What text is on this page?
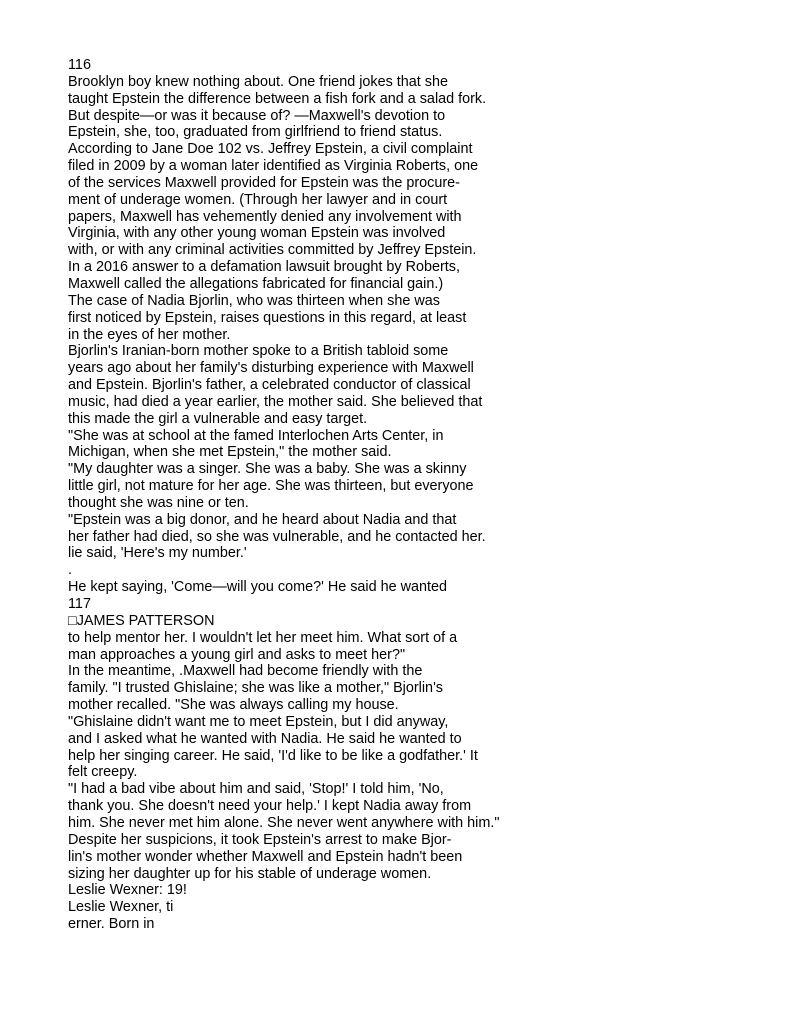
116
Brooklyn boy knew nothing about. One friend jokes that she
taught Epstein the difference between a fish fork and a salad fork.
But despite—or was it because of? —Maxwell's devotion to
Epstein, she, too, graduated from girlfriend to friend status.
According to Jane Doe 102 vs. Jeffrey Epstein, a civil complaint
filed in 2009 by a woman later identified as Virginia Roberts, one
of the services Maxwell provided for Epstein was the procure-
ment of underage women. (Through her lawyer and in court
papers, Maxwell has vehemently denied any involvement with
Virginia, with any other young woman Epstein was involved
with, or with any criminal activities committed by Jeffrey Epstein.
In a 2016 answer to a defamation lawsuit brought by Roberts,
Maxwell called the allegations fabricated for financial gain.)
The case of Nadia Bjorlin, who was thirteen when she was
first noticed by Epstein, raises questions in this regard, at least
in the eyes of her mother.
Bjorlin's Iranian-born mother spoke to a British tabloid some
years ago about her family's disturbing experience with Maxwell
and Epstein. Bjorlin's father, a celebrated conductor of classical
music, had died a year earlier, the mother said. She believed that
this made the girl a vulnerable and easy target.
"She was at school at the famed Interlochen Arts Center, in
Michigan, when she met Epstein," the mother said.
"My daughter was a singer. She was a baby. She was a skinny
little girl, not mature for her age. She was thirteen, but everyone
thought she was nine or ten.
"Epstein was a big donor, and he heard about Nadia and that
her father had died, so she was vulnerable, and he contacted her.
lie said, 'Here's my number.'
.
He kept saying, 'Come—will you come?' He said he wanted
117
□JAMES PATTERSON
to help mentor her. I wouldn't let her meet him. What sort of a
man approaches a young girl and asks to meet her?"
In the meantime, .Maxwell had become friendly with the
family. "I trusted Ghislaine; she was like a mother," Bjorlin's
mother recalled. "She was always calling my house.
"Ghislaine didn't want me to meet Epstein, but I did anyway,
and I asked what he wanted with Nadia. He said he wanted to
help her singing career. He said, 'I'd like to be like a godfather.' It
felt creepy.
"I had a bad vibe about him and said, 'Stop!' I told him, 'No,
thank you. She doesn't need your help.' I kept Nadia away from
him. She never met him alone. She never went anywhere with him."
Despite her suspicions, it took Epstein's arrest to make Bjor-
lin's mother wonder whether Maxwell and Epstein hadn't been
sizing her daughter up for his stable of underage women.
Leslie Wexner: 19!
Leslie Wexner, ti
erner. Born in
